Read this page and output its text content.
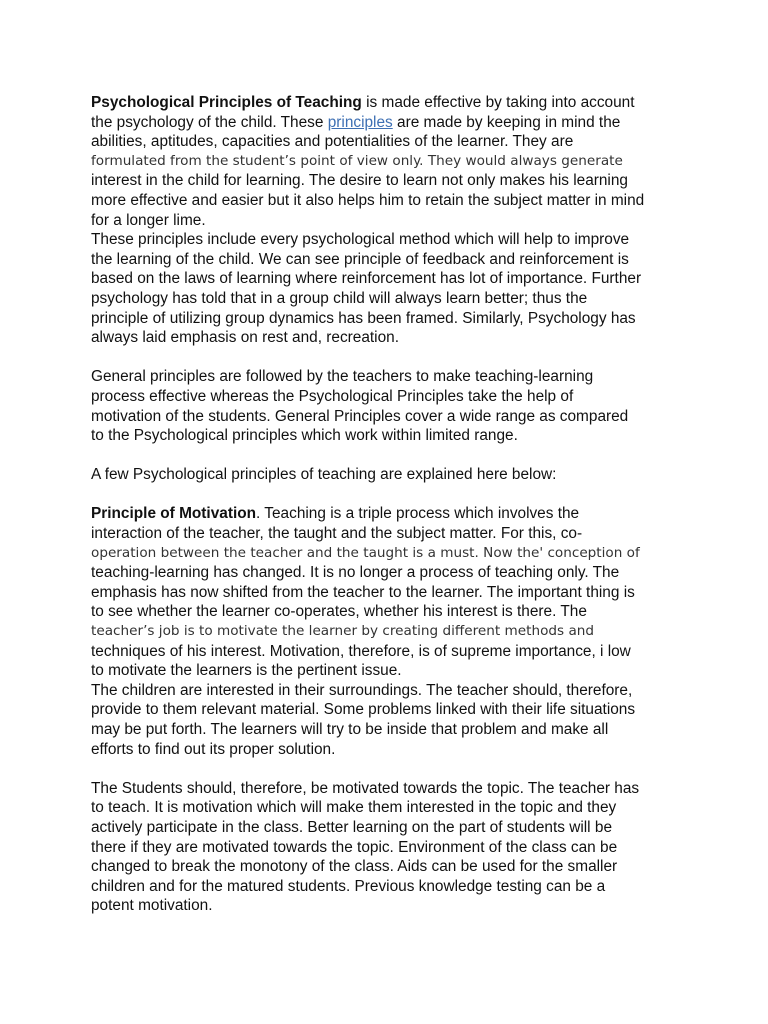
Psychological Principles of Teaching is made effective by taking into account
the psychology of the child. These principles are made by keeping in mind the
abilities, aptitudes, capacities and potentialities of the learner. They are
formulated from the student’s point of view only. They would always generate
interest in the child for learning. The desire to learn not only makes his learning
more effective and easier but it also helps him to retain the subject matter in mind
for a longer lime.
These principles include every psychological method which will help to improve
the learning of the child. We can see principle of feedback and reinforcement is
based on the laws of learning where reinforcement has lot of importance. Further
psychology has told that in a group child will always learn better; thus the
principle of utilizing group dynamics has been framed. Similarly, Psychology has
always laid emphasis on rest and, recreation.
General principles are followed by the teachers to make teaching-learning
process effective whereas the Psychological Principles take the help of
motivation of the students. General Principles cover a wide range as compared
to the Psychological principles which work within limited range.
A few Psychological principles of teaching are explained here below:
Principle of Motivation. Teaching is a triple process which involves the
interaction of the teacher, the taught and the subject matter. For this, co-
operation between the teacher and the taught is a must. Now the' conception of
teaching-learning has changed. It is no longer a process of teaching only. The
emphasis has now shifted from the teacher to the learner. The important thing is
to see whether the learner co-operates, whether his interest is there. The
teacher’s job is to motivate the learner by creating different methods and
techniques of his interest. Motivation, therefore, is of supreme importance, i low
to motivate the learners is the pertinent issue.
The children are interested in their surroundings. The teacher should, therefore,
provide to them relevant material. Some problems linked with their life situations
may be put forth. The learners will try to be inside that problem and make all
efforts to find out its proper solution.
The Students should, therefore, be motivated towards the topic. The teacher has
to teach. It is motivation which will make them interested in the topic and they
actively participate in the class. Better learning on the part of students will be
there if they are motivated towards the topic. Environment of the class can be
changed to break the monotony of the class. Aids can be used for the smaller
children and for the matured students. Previous knowledge testing can be a
potent motivation.
